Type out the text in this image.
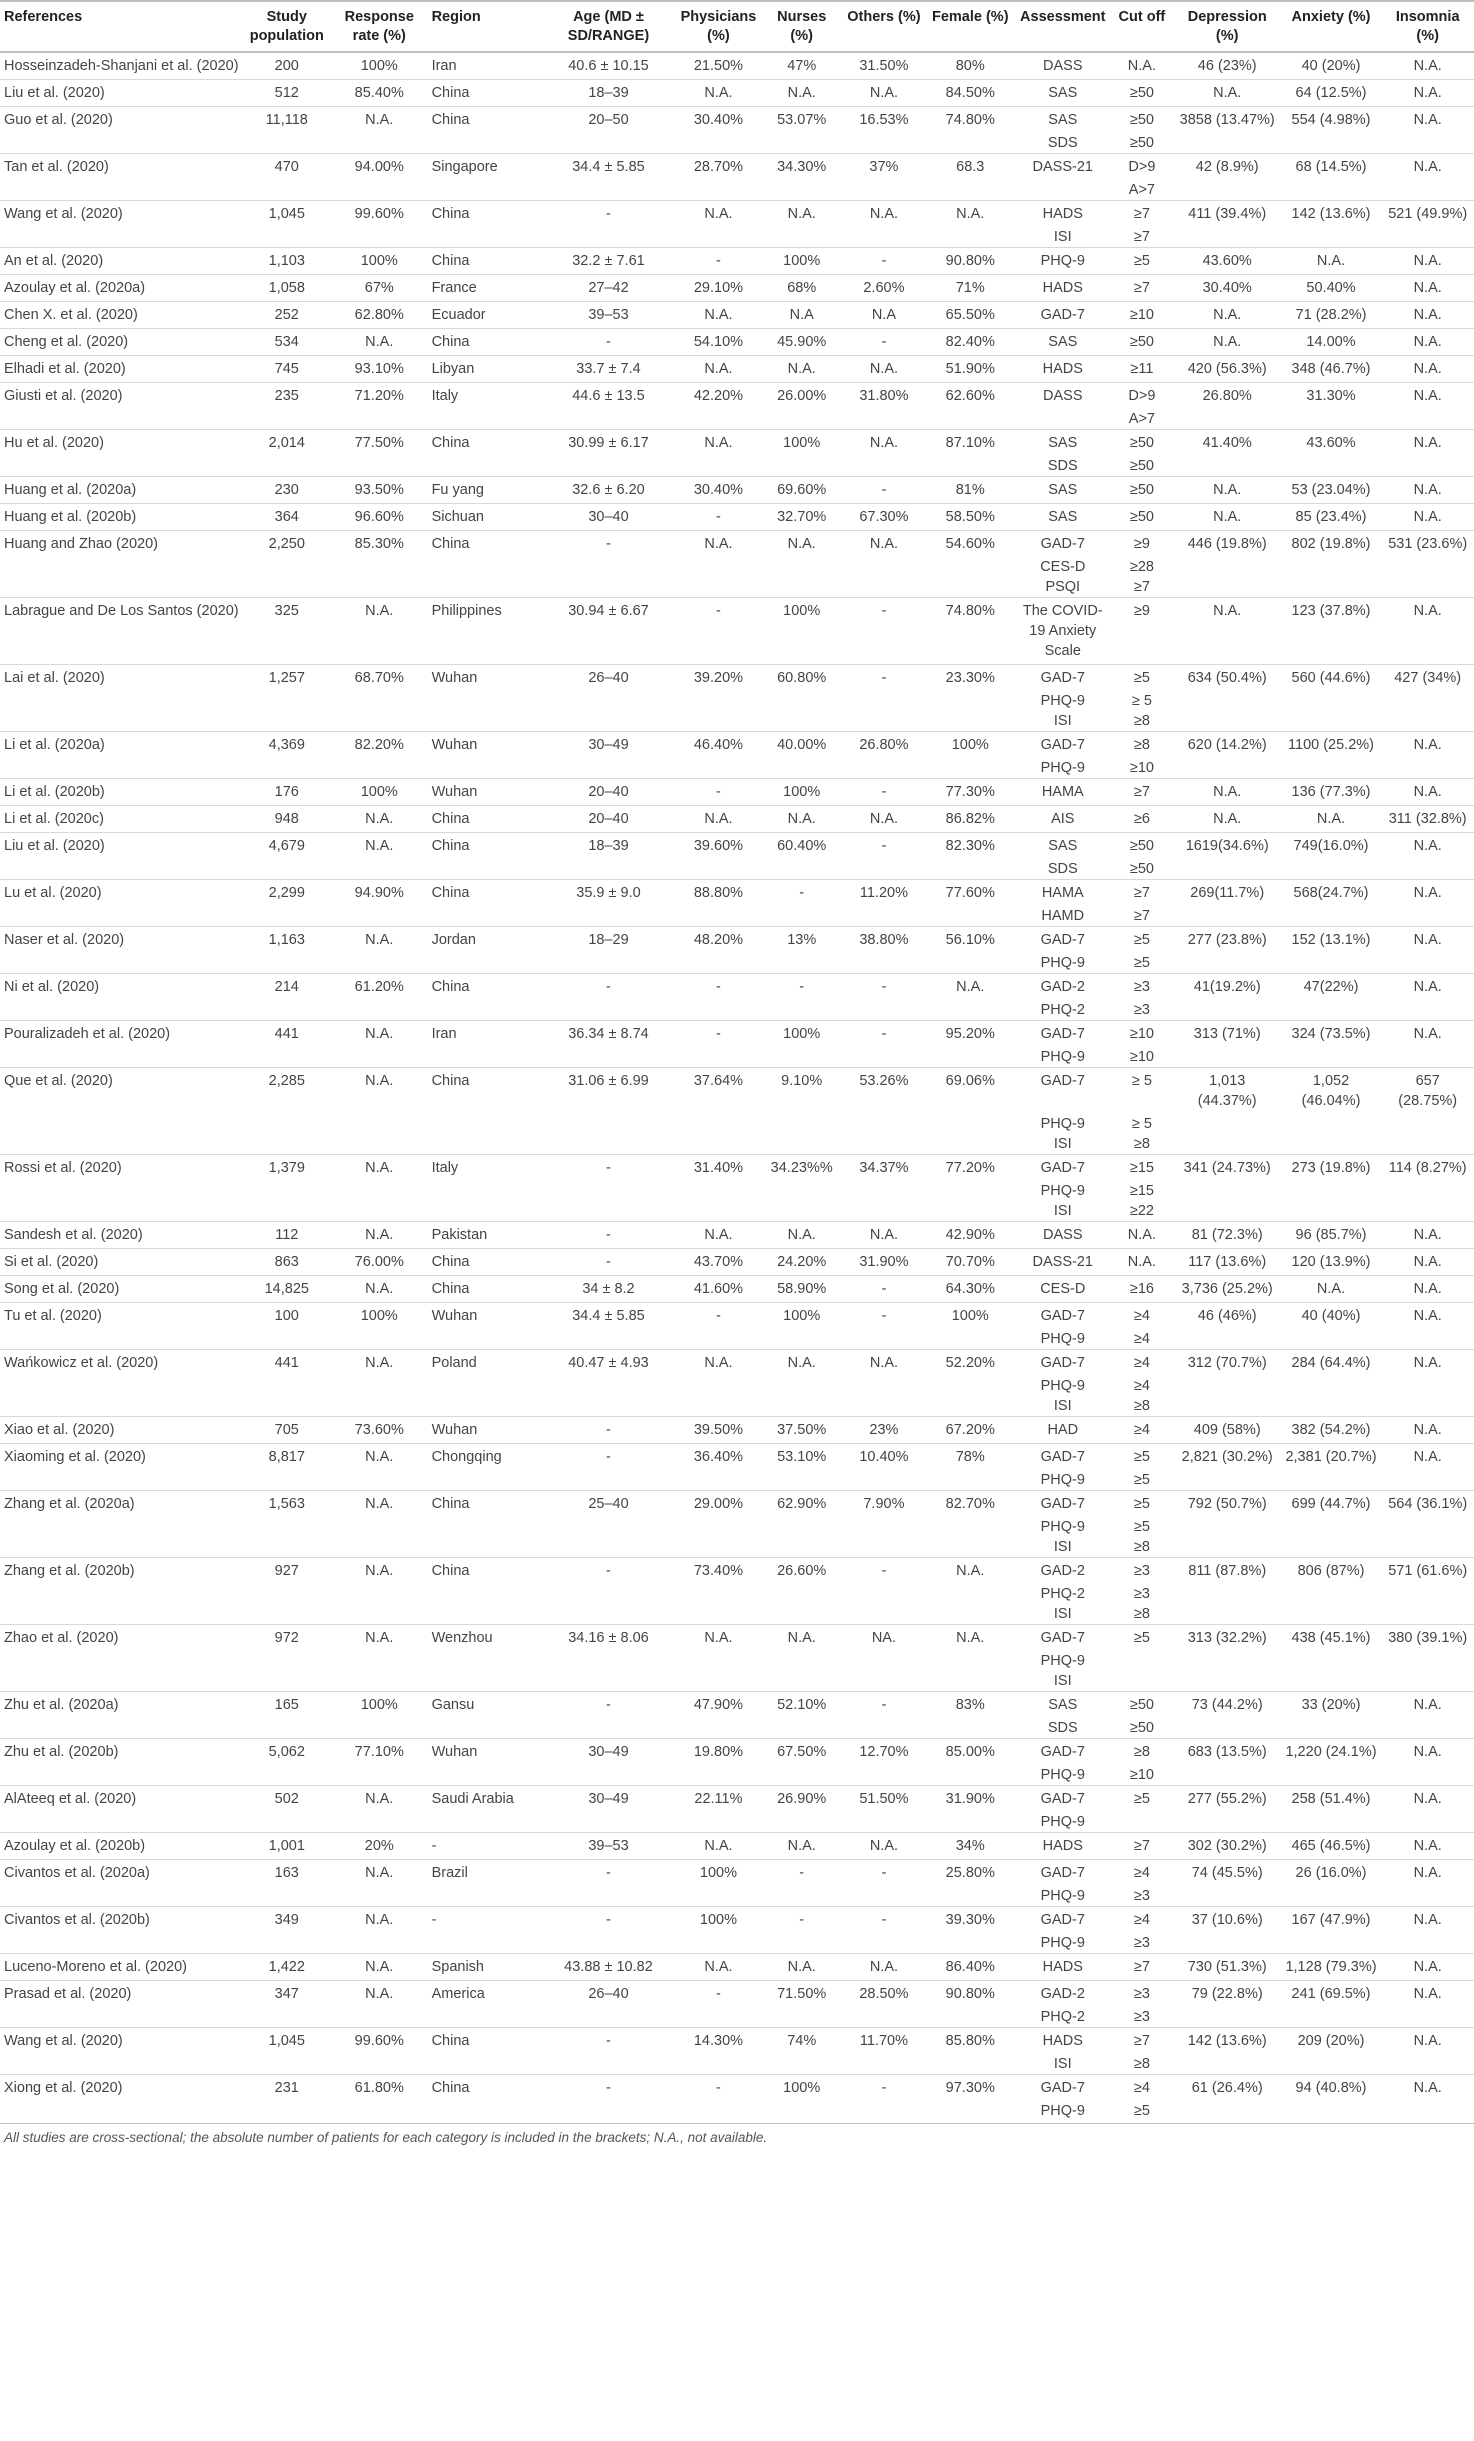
References	Study population	Response rate (%)	Region	Age (MD ± SD/RANGE)	Physicians (%)	Nurses (%)	Others (%)	Female (%)	Assessment	Cut off	Depression (%)	Anxiety (%)	Insomnia (%)
Hosseinzadeh-Shanjani et al. (2020)	200	100%	Iran	40.6 ± 10.15	21.50%	47%	31.50%	80%	DASS	N.A.	46 (23%)	40 (20%)	N.A.
Liu et al. (2020)	512	85.40%	China	18–39	N.A.	N.A.	N.A.	84.50%	SAS	≥50	N.A.	64 (12.5%)	N.A.
Guo et al. (2020)	11,118	N.A.	China	20–50	30.40%	53.07%	16.53%	74.80%	SAS	≥50	3858 (13.47%)	554 (4.98%)	N.A.
									SDS	≥50			
Tan et al. (2020)	470	94.00%	Singapore	34.4 ± 5.85	28.70%	34.30%	37%	68.3	DASS-21	D>9	42 (8.9%)	68 (14.5%)	N.A.
										A>7			
Wang et al. (2020)	1,045	99.60%	China	-	N.A.	N.A.	N.A.	N.A.	HADS	≥7	411 (39.4%)	142 (13.6%)	521 (49.9%)
									ISI	≥7			
An et al. (2020)	1,103	100%	China	32.2 ± 7.61	-	100%	-	90.80%	PHQ-9	≥5	43.60%	N.A.	N.A.
Azoulay et al. (2020a)	1,058	67%	France	27–42	29.10%	68%	2.60%	71%	HADS	≥7	30.40%	50.40%	N.A.
Chen X. et al. (2020)	252	62.80%	Ecuador	39–53	N.A.	N.A	N.A	65.50%	GAD-7	≥10	N.A.	71 (28.2%)	N.A.
Cheng et al. (2020)	534	N.A.	China	-	54.10%	45.90%	-	82.40%	SAS	≥50	N.A.	14.00%	N.A.
Elhadi et al. (2020)	745	93.10%	Libyan	33.7 ± 7.4	N.A.	N.A.	N.A.	51.90%	HADS	≥11	420 (56.3%)	348 (46.7%)	N.A.
Giusti et al. (2020)	235	71.20%	Italy	44.6 ± 13.5	42.20%	26.00%	31.80%	62.60%	DASS	D>9	26.80%	31.30%	N.A.
										A>7			
Hu et al. (2020)	2,014	77.50%	China	30.99 ± 6.17	N.A.	100%	N.A.	87.10%	SAS	≥50	41.40%	43.60%	N.A.
									SDS	≥50			
Huang et al. (2020a)	230	93.50%	Fu yang	32.6 ± 6.20	30.40%	69.60%	-	81%	SAS	≥50	N.A.	53 (23.04%)	N.A.
Huang et al. (2020b)	364	96.60%	Sichuan	30–40	-	32.70%	67.30%	58.50%	SAS	≥50	N.A.	85 (23.4%)	N.A.
Huang and Zhao (2020)	2,250	85.30%	China	-	N.A.	N.A.	N.A.	54.60%	GAD-7	≥9	446 (19.8%)	802 (19.8%)	531 (23.6%)
									CES-D	≥28			
									PSQI	≥7			
Labrague and De Los Santos (2020)	325	N.A.	Philippines	30.94 ± 6.67	-	100%	-	74.80%	The COVID-19 Anxiety Scale	≥9	N.A.	123 (37.8%)	N.A.
Lai et al. (2020)	1,257	68.70%	Wuhan	26–40	39.20%	60.80%	-	23.30%	GAD-7	≥5	634 (50.4%)	560 (44.6%)	427 (34%)
									PHQ-9	≥ 5			
									ISI	≥8			
Li et al. (2020a)	4,369	82.20%	Wuhan	30–49	46.40%	40.00%	26.80%	100%	GAD-7	≥8	620 (14.2%)	1100 (25.2%)	N.A.
									PHQ-9	≥10			
Li et al. (2020b)	176	100%	Wuhan	20–40	-	100%	-	77.30%	HAMA	≥7	N.A.	136 (77.3%)	N.A.
Li et al. (2020c)	948	N.A.	China	20–40	N.A.	N.A.	N.A.	86.82%	AIS	≥6	N.A.	N.A.	311 (32.8%)
Liu et al. (2020)	4,679	N.A.	China	18–39	39.60%	60.40%	-	82.30%	SAS	≥50	1619(34.6%)	749(16.0%)	N.A.
									SDS	≥50			
Lu et al. (2020)	2,299	94.90%	China	35.9 ± 9.0	88.80%	-	11.20%	77.60%	HAMA	≥7	269(11.7%)	568(24.7%)	N.A.
									HAMD	≥7			
Naser et al. (2020)	1,163	N.A.	Jordan	18–29	48.20%	13%	38.80%	56.10%	GAD-7	≥5	277 (23.8%)	152 (13.1%)	N.A.
									PHQ-9	≥5			
Ni et al. (2020)	214	61.20%	China	-	-	-	-	N.A.	GAD-2	≥3	41(19.2%)	47(22%)	N.A.
									PHQ-2	≥3			
Pouralizadeh et al. (2020)	441	N.A.	Iran	36.34 ± 8.74	-	100%	-	95.20%	GAD-7	≥10	313 (71%)	324 (73.5%)	N.A.
									PHQ-9	≥10			
Que et al. (2020)	2,285	N.A.	China	31.06 ± 6.99	37.64%	9.10%	53.26%	69.06%	GAD-7	≥ 5	1,013 (44.37%)	1,052 (46.04%)	657 (28.75%)
									PHQ-9	≥ 5			
									ISI	≥8			
Rossi et al. (2020)	1,379	N.A.	Italy	-	31.40%	34.23%%	34.37%	77.20%	GAD-7	≥15	341 (24.73%)	273 (19.8%)	114 (8.27%)
									PHQ-9	≥15			
									ISI	≥22			
Sandesh et al. (2020)	112	N.A.	Pakistan	-	N.A.	N.A.	N.A.	42.90%	DASS	N.A.	81 (72.3%)	96 (85.7%)	N.A.
Si et al. (2020)	863	76.00%	China	-	43.70%	24.20%	31.90%	70.70%	DASS-21	N.A.	117 (13.6%)	120 (13.9%)	N.A.
Song et al. (2020)	14,825	N.A.	China	34 ± 8.2	41.60%	58.90%	-	64.30%	CES-D	≥16	3,736 (25.2%)	N.A.	N.A.
Tu et al. (2020)	100	100%	Wuhan	34.4 ± 5.85	-	100%	-	100%	GAD-7	≥4	46 (46%)	40 (40%)	N.A.
									PHQ-9	≥4			
Wańkowicz et al. (2020)	441	N.A.	Poland	40.47 ± 4.93	N.A.	N.A.	N.A.	52.20%	GAD-7	≥4	312 (70.7%)	284 (64.4%)	N.A.
									PHQ-9	≥4			
									ISI	≥8			
Xiao et al. (2020)	705	73.60%	Wuhan	-	39.50%	37.50%	23%	67.20%	HAD	≥4	409 (58%)	382 (54.2%)	N.A.
Xiaoming et al. (2020)	8,817	N.A.	Chongqing	-	36.40%	53.10%	10.40%	78%	GAD-7	≥5	2,821 (30.2%)	2,381 (20.7%)	N.A.
									PHQ-9	≥5			
Zhang et al. (2020a)	1,563	N.A.	China	25–40	29.00%	62.90%	7.90%	82.70%	GAD-7	≥5	792 (50.7%)	699 (44.7%)	564 (36.1%)
									PHQ-9	≥5			
									ISI	≥8			
Zhang et al. (2020b)	927	N.A.	China	-	73.40%	26.60%	-	N.A.	GAD-2	≥3	811 (87.8%)	806 (87%)	571 (61.6%)
									PHQ-2	≥3			
									ISI	≥8			
Zhao et al. (2020)	972	N.A.	Wenzhou	34.16 ± 8.06	N.A.	N.A.	NA.	N.A.	GAD-7	≥5	313 (32.2%)	438 (45.1%)	380 (39.1%)
									PHQ-9				
									ISI				
Zhu et al. (2020a)	165	100%	Gansu	-	47.90%	52.10%	-	83%	SAS	≥50	73 (44.2%)	33 (20%)	N.A.
									SDS	≥50			
Zhu et al. (2020b)	5,062	77.10%	Wuhan	30–49	19.80%	67.50%	12.70%	85.00%	GAD-7	≥8	683 (13.5%)	1,220 (24.1%)	N.A.
									PHQ-9	≥10			
AlAteeq et al. (2020)	502	N.A.	Saudi Arabia	30–49	22.11%	26.90%	51.50%	31.90%	GAD-7	≥5	277 (55.2%)	258 (51.4%)	N.A.
									PHQ-9				
Azoulay et al. (2020b)	1,001	20%	-	39–53	N.A.	N.A.	N.A.	34%	HADS	≥7	302 (30.2%)	465 (46.5%)	N.A.
Civantos et al. (2020a)	163	N.A.	Brazil	-	100%	-	-	25.80%	GAD-7	≥4	74 (45.5%)	26 (16.0%)	N.A.
									PHQ-9	≥3			
Civantos et al. (2020b)	349	N.A.	-	-	100%	-	-	39.30%	GAD-7	≥4	37 (10.6%)	167 (47.9%)	N.A.
									PHQ-9	≥3			
Luceno-Moreno et al. (2020)	1,422	N.A.	Spanish	43.88 ± 10.82	N.A.	N.A.	N.A.	86.40%	HADS	≥7	730 (51.3%)	1,128 (79.3%)	N.A.
Prasad et al. (2020)	347	N.A.	America	26–40	-	71.50%	28.50%	90.80%	GAD-2	≥3	79 (22.8%)	241 (69.5%)	N.A.
									PHQ-2	≥3			
Wang et al. (2020)	1,045	99.60%	China	-	14.30%	74%	11.70%	85.80%	HADS	≥7	142 (13.6%)	209 (20%)	N.A.
									ISI	≥8			
Xiong et al. (2020)	231	61.80%	China	-	-	100%	-	97.30%	GAD-7	≥4	61 (26.4%)	94 (40.8%)	N.A.
									PHQ-9	≥5			
All studies are cross-sectional; the absolute number of patients for each category is included in the brackets; N.A., not available.
